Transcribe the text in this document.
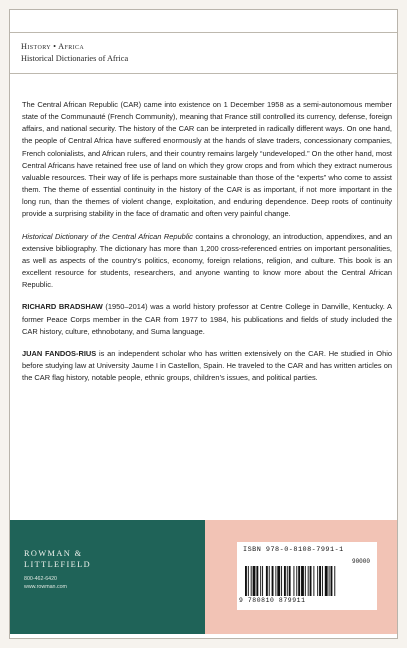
History • Africa
Historical Dictionaries of Africa

The Central African Republic (CAR) came into existence on 1 December 1958 as a semi-autonomous member state of the Communauté (French Community), meaning that France still controlled its currency, defense, foreign affairs, and national security. The history of the CAR can be interpreted in radically different ways. On one hand, the people of Central Africa have suffered enormously at the hands of slave traders, concessionary companies, French colonialists, and African rulers, and their country remains largely “undeveloped.” On the other hand, most Central Africans have retained free use of land on which they grow crops and from which they extract numerous valuable resources. Their way of life is perhaps more sustainable than those of the “experts” who come to assist them. The theme of essential continuity in the history of the CAR is as important, if not more important in the long run, than the themes of violent change, exploitation, and enduring dependence. Deep roots of continuity provide a surprising stability in the face of dramatic and often very painful change.

Historical Dictionary of the Central African Republic contains a chronology, an introduction, appendixes, and an extensive bibliography. The dictionary has more than 1,200 cross-referenced entries on important personalities, as well as aspects of the country’s politics, economy, foreign relations, religion, and culture. This book is an excellent resource for students, researchers, and anyone wanting to know more about the Central African Republic.

RICHARD BRADSHAW (1950–2014) was a world history professor at Centre College in Danville, Kentucky. A former Peace Corps member in the CAR from 1977 to 1984, his publications and fields of study included the CAR history, culture, ethnobotany, and Suma language.

JUAN FANDOS-RIUS is an independent scholar who has written extensively on the CAR. He studied in Ohio before studying law at University Jaume I in Castellon, Spain. He traveled to the CAR and has written articles on the CAR flag history, notable people, ethnic groups, children’s issues, and political parties.

ROWMAN &
LITTLEFIELD
800-462-6420
www.rowman.com
ISBN 978-0-8108-7991-1
90000
9 780810 879911
